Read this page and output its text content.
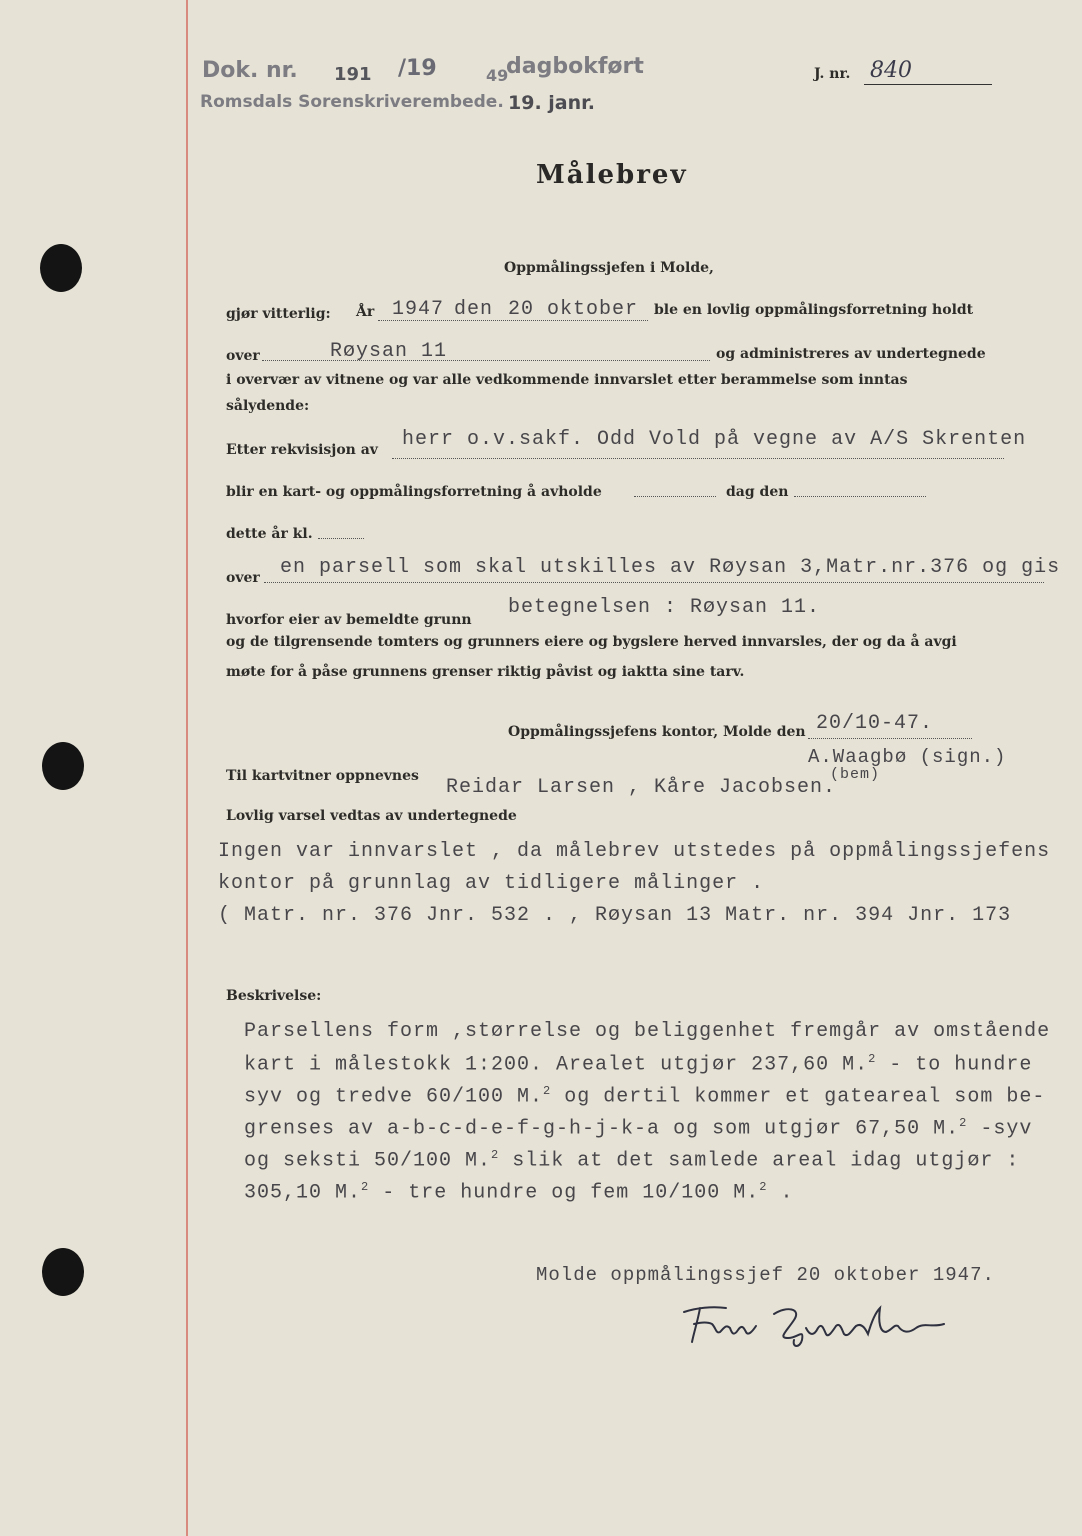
Dok. nr. 191 /19	49
dagbokført
Romsdals Sorenskriverembede. 19. janr.
J. nr. 840
Målebrev
Oppmålingssjefen i Molde,
gjør vitterlig: År 1947 den 20 oktober ble en lovlig oppmålingsforretning holdt
over	Røysan 11	og administreres av undertegnede
i overvær av vitnene og var alle vedkommende innvarslet etter berammelse som inntas
sålydende:
Etter rekvisisjon av herr o.v.sakf. Odd Vold på vegne av A/S Skrenten
blir en kart- og oppmålingsforretning å avholde	dag den
dette år kl.
over en parsell som skal utskilles av Røysan 3,Matr.nr.376 og gis
hvorfor eier av bemeldte grunn
betegnelsen : Røysan 11.
og de tilgrensende tomters og grunners eiere og bygslere herved innvarsles, der og da å avgi
møte for å påse grunnens grenser riktig påvist og iaktta sine tarv.
Oppmålingssjefens kontor, Molde den 20/10-47.
A.Waagbø (sign.)
Til kartvitner oppnevnes Reidar Larsen , Kåre Jacobsen.
(bem)
Lovlig varsel vedtas av undertegnede
Ingen var innvarslet , da målebrev utstedes på oppmålingssjefens
kontor på grunnlag av tidligere målinger .
( Matr. nr. 376 Jnr. 532 . , Røysan 13 Matr. nr. 394 Jnr. 173
Beskrivelse:
Parsellens form ,størrelse og beliggenhet fremgår av omstående
kart i målestokk 1:200. Arealet utgjør 237,60 M.$^2$ - to hundre
syv og tredve 60/100 M.$^2$ og dertil kommer et gateareal som be-
grenses av a-b-c-d-e-f-g-h-j-k-a og som utgjør 67,50 M.$^2$ -syv
og seksti 50/100 M.$^2$ slik at det samlede areal idag utgjør :
305,10 M.$^2$ - tre hundre og fem 10/100 M.$^2$ .
Molde oppmålingssjef 20 oktober 1947.
